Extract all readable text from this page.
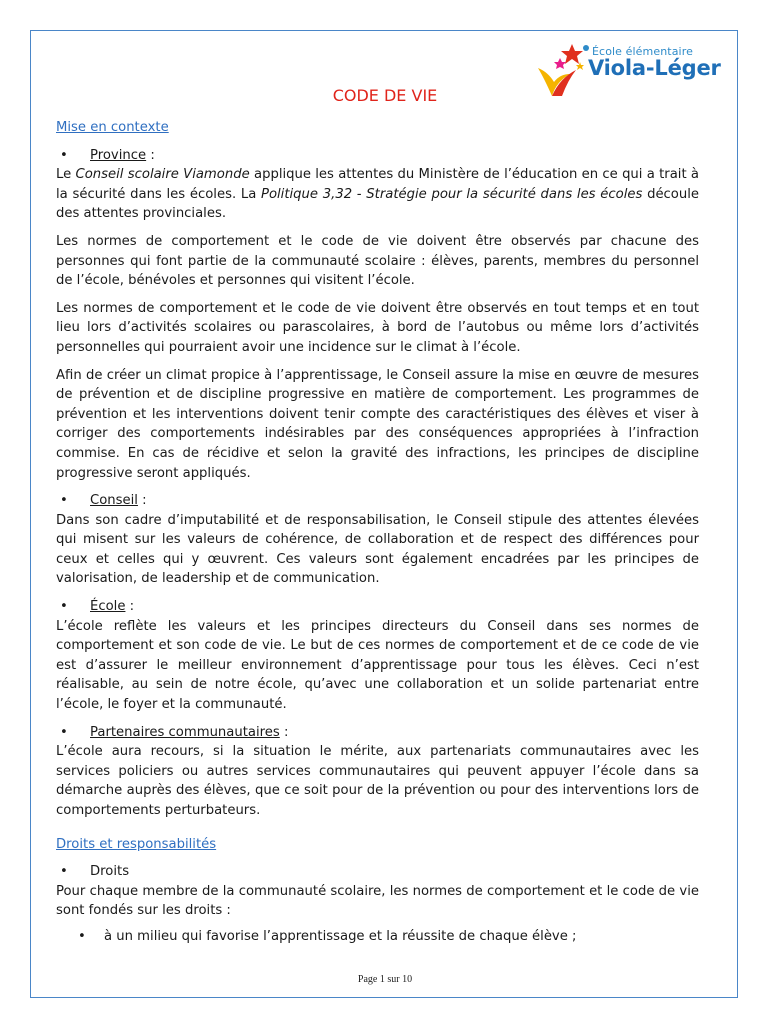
École élémentaire
Viola-Léger
CODE DE VIE

Mise en contexte

• Province :

Le Conseil scolaire Viamonde applique les attentes du Ministère de l’éducation en ce qui a trait à la sécurité dans les écoles. La Politique 3,32 - Stratégie pour la sécurité dans les écoles découle des attentes provinciales.

Les normes de comportement et le code de vie doivent être observés par chacune des personnes qui font partie de la communauté scolaire : élèves, parents, membres du personnel de l’école, bénévoles et personnes qui visitent l’école.

Les normes de comportement et le code de vie doivent être observés en tout temps et en tout lieu lors d’activités scolaires ou parascolaires, à bord de l’autobus ou même lors d’activités personnelles qui pourraient avoir une incidence sur le climat à l’école.

Afin de créer un climat propice à l’apprentissage, le Conseil assure la mise en œuvre de mesures de prévention et de discipline progressive en matière de comportement. Les programmes de prévention et les interventions doivent tenir compte des caractéristiques des élèves et viser à corriger des comportements indésirables par des conséquences appropriées à l’infraction commise. En cas de récidive et selon la gravité des infractions, les principes de discipline progressive seront appliqués.

• Conseil :

Dans son cadre d’imputabilité et de responsabilisation, le Conseil stipule des attentes élevées qui misent sur les valeurs de cohérence, de collaboration et de respect des différences pour ceux et celles qui y œuvrent. Ces valeurs sont également encadrées par les principes de valorisation, de leadership et de communication.

• École :

L’école reflète les valeurs et les principes directeurs du Conseil dans ses normes de comportement et son code de vie. Le but de ces normes de comportement et de ce code de vie est d’assurer le meilleur environnement d’apprentissage pour tous les élèves. Ceci n’est réalisable, au sein de notre école, qu’avec une collaboration et un solide partenariat entre l’école, le foyer et la communauté.

• Partenaires communautaires :

L’école aura recours, si la situation le mérite, aux partenariats communautaires avec les services policiers ou autres services communautaires qui peuvent appuyer l’école dans sa démarche auprès des élèves, que ce soit pour de la prévention ou pour des interventions lors de comportements perturbateurs.

Droits et responsabilités

• Droits

Pour chaque membre de la communauté scolaire, les normes de comportement et le code de vie sont fondés sur les droits :

• à un milieu qui favorise l’apprentissage et la réussite de chaque élève ;

Page 1 sur 10
